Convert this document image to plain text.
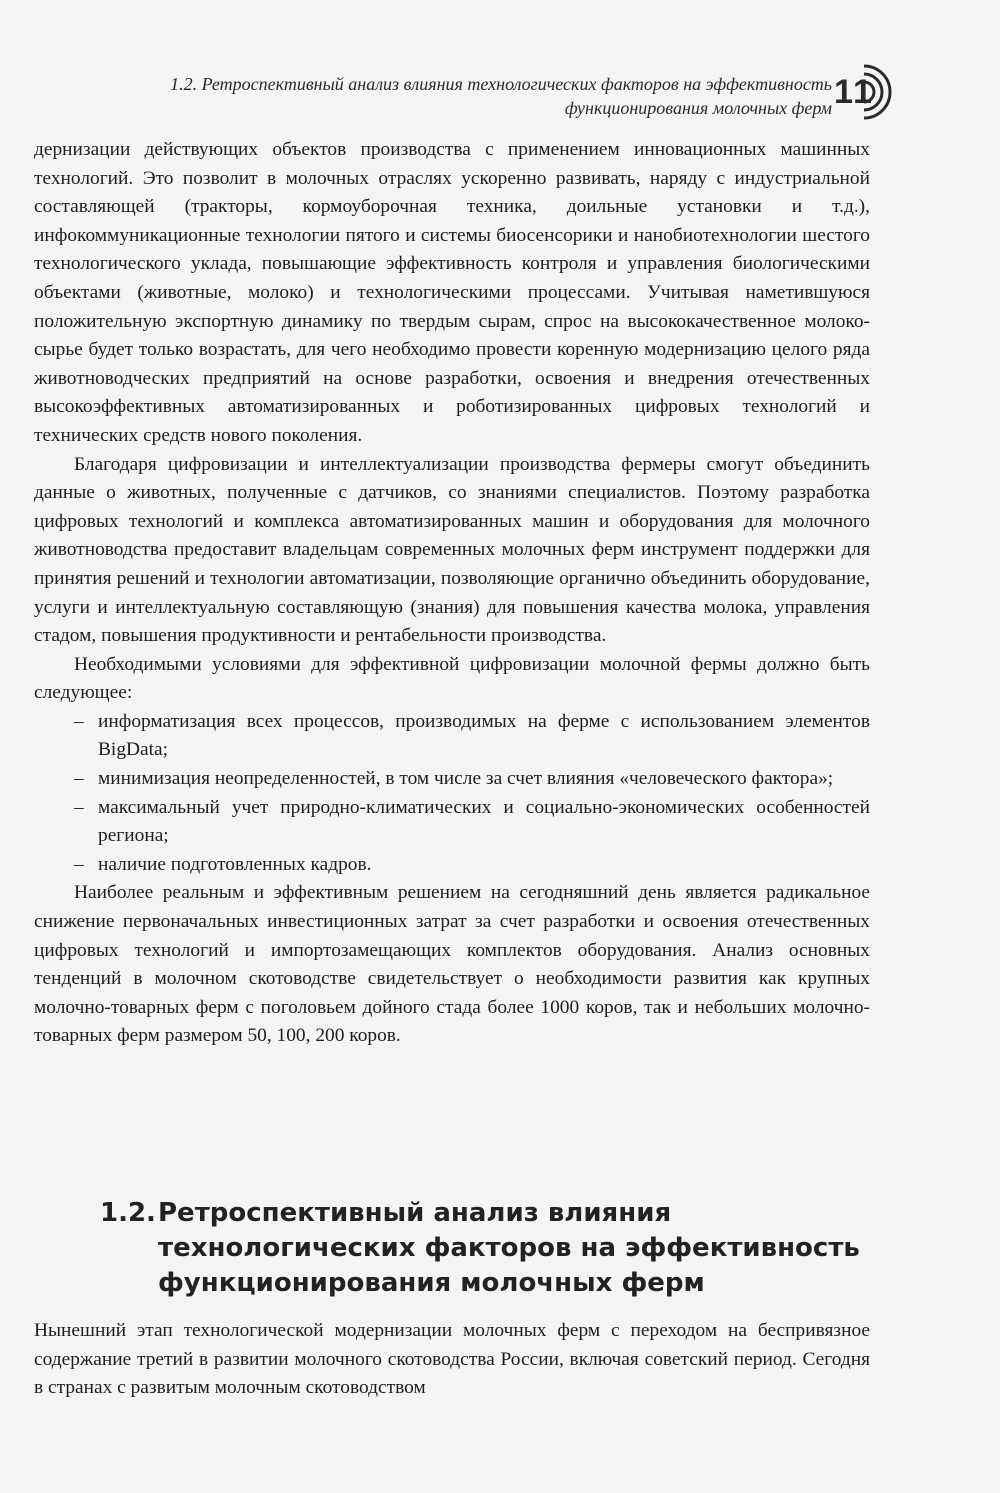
1.2. Ретроспективный анализ влияния технологических факторов на эффективность
функционирования молочных ферм 11

дернизации действующих объектов производства с применением инновационных машинных технологий. Это позволит в молочных отраслях ускоренно развивать, наряду с индустриальной составляющей (тракторы, кормоуборочная техника, доильные установки и т.д.), инфокоммуникационные технологии пятого и системы биосенсорики и нанобиотехнологии шестого технологического уклада, повышающие эффективность контроля и управления биологическими объектами (животные, молоко) и технологическими процессами. Учитывая наметившуюся положительную экспортную динамику по твердым сырам, спрос на высококачественное молоко-сырье будет только возрастать, для чего необходимо провести коренную модернизацию целого ряда животноводческих предприятий на основе разработки, освоения и внедрения отечественных высокоэффективных автоматизированных и роботизированных цифровых технологий и технических средств нового поколения.

Благодаря цифровизации и интеллектуализации производства фермеры смогут объединить данные о животных, полученные с датчиков, со знаниями специалистов. Поэтому разработка цифровых технологий и комплекса автоматизированных машин и оборудования для молочного животноводства предоставит владельцам современных молочных ферм инструмент поддержки для принятия решений и технологии автоматизации, позволяющие органично объединить оборудование, услуги и интеллектуальную составляющую (знания) для повышения качества молока, управления стадом, повышения продуктивности и рентабельности производства.

Необходимыми условиями для эффективной цифровизации молочной фермы должно быть следующее:

– информатизация всех процессов, производимых на ферме с использованием элементов BigData;
– минимизация неопределенностей, в том числе за счет влияния «человеческого фактора»;
– максимальный учет природно-климатических и социально-экономических особенностей региона;
– наличие подготовленных кадров.

Наиболее реальным и эффективным решением на сегодняшний день является радикальное снижение первоначальных инвестиционных затрат за счет разработки и освоения отечественных цифровых технологий и импортозамещающих комплектов оборудования. Анализ основных тенденций в молочном скотоводстве свидетельствует о необходимости развития как крупных молочно-товарных ферм с поголовьем дойного стада более 1000 коров, так и небольших молочно-товарных ферм размером 50, 100, 200 коров.

1.2. Ретроспективный анализ влияния технологических факторов на эффективность функционирования молочных ферм

Нынешний этап технологической модернизации молочных ферм с переходом на беспривязное содержание третий в развитии молочного скотоводства России, включая советский период. Сегодня в странах с развитым молочным скотоводством
